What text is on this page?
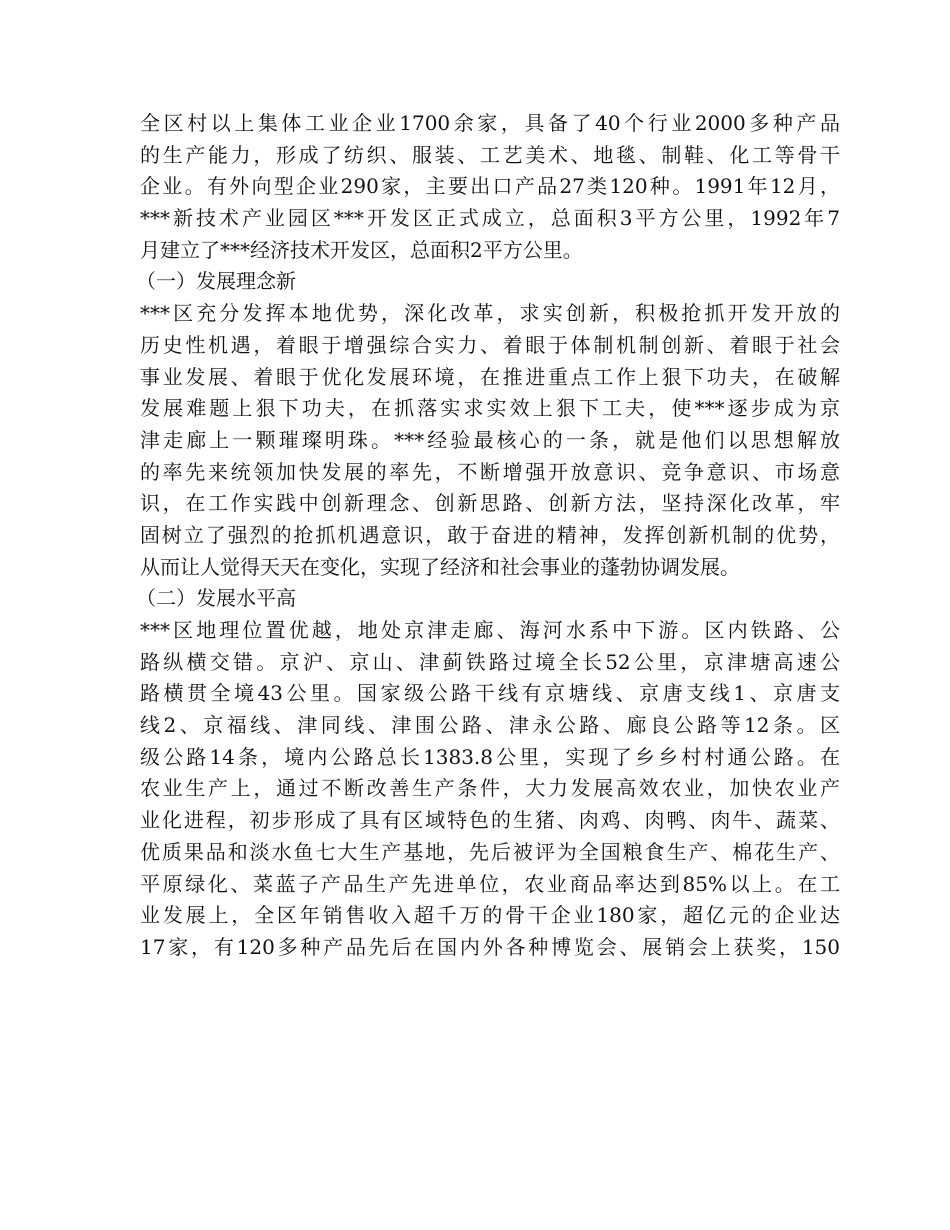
全区村以上集体工业企业1700余家，具备了40个行业2000多种产品
的生产能力，形成了纺织、服装、工艺美术、地毯、制鞋、化工等骨干
企业。有外向型企业290家，主要出口产品27类120种。1991年12月，
***新技术产业园区***开发区正式成立，总面积3平方公里，1992年7
月建立了***经济技术开发区，总面积2平方公里。
（一）发展理念新
***区充分发挥本地优势，深化改革，求实创新，积极抢抓开发开放的
历史性机遇，着眼于增强综合实力、着眼于体制机制创新、着眼于社会
事业发展、着眼于优化发展环境，在推进重点工作上狠下功夫，在破解
发展难题上狠下功夫，在抓落实求实效上狠下工夫，使***逐步成为京
津走廊上一颗璀璨明珠。***经验最核心的一条，就是他们以思想解放
的率先来统领加快发展的率先，不断增强开放意识、竞争意识、市场意
识，在工作实践中创新理念、创新思路、创新方法，坚持深化改革，牢
固树立了强烈的抢抓机遇意识，敢于奋进的精神，发挥创新机制的优势，
从而让人觉得天天在变化，实现了经济和社会事业的蓬勃协调发展。
（二）发展水平高
***区地理位置优越，地处京津走廊、海河水系中下游。区内铁路、公
路纵横交错。京沪、京山、津蓟铁路过境全长52公里，京津塘高速公
路横贯全境43公里。国家级公路干线有京塘线、京唐支线1、京唐支
线2、京福线、津同线、津围公路、津永公路、廊良公路等12条。区
级公路14条，境内公路总长1383.8公里，实现了乡乡村村通公路。在
农业生产上，通过不断改善生产条件，大力发展高效农业，加快农业产
业化进程，初步形成了具有区域特色的生猪、肉鸡、肉鸭、肉牛、蔬菜、
优质果品和淡水鱼七大生产基地，先后被评为全国粮食生产、棉花生产、
平原绿化、菜蓝子产品生产先进单位，农业商品率达到85%以上。在工
业发展上，全区年销售收入超千万的骨干企业180家，超亿元的企业达
17家，有120多种产品先后在国内外各种博览会、展销会上获奖，150
